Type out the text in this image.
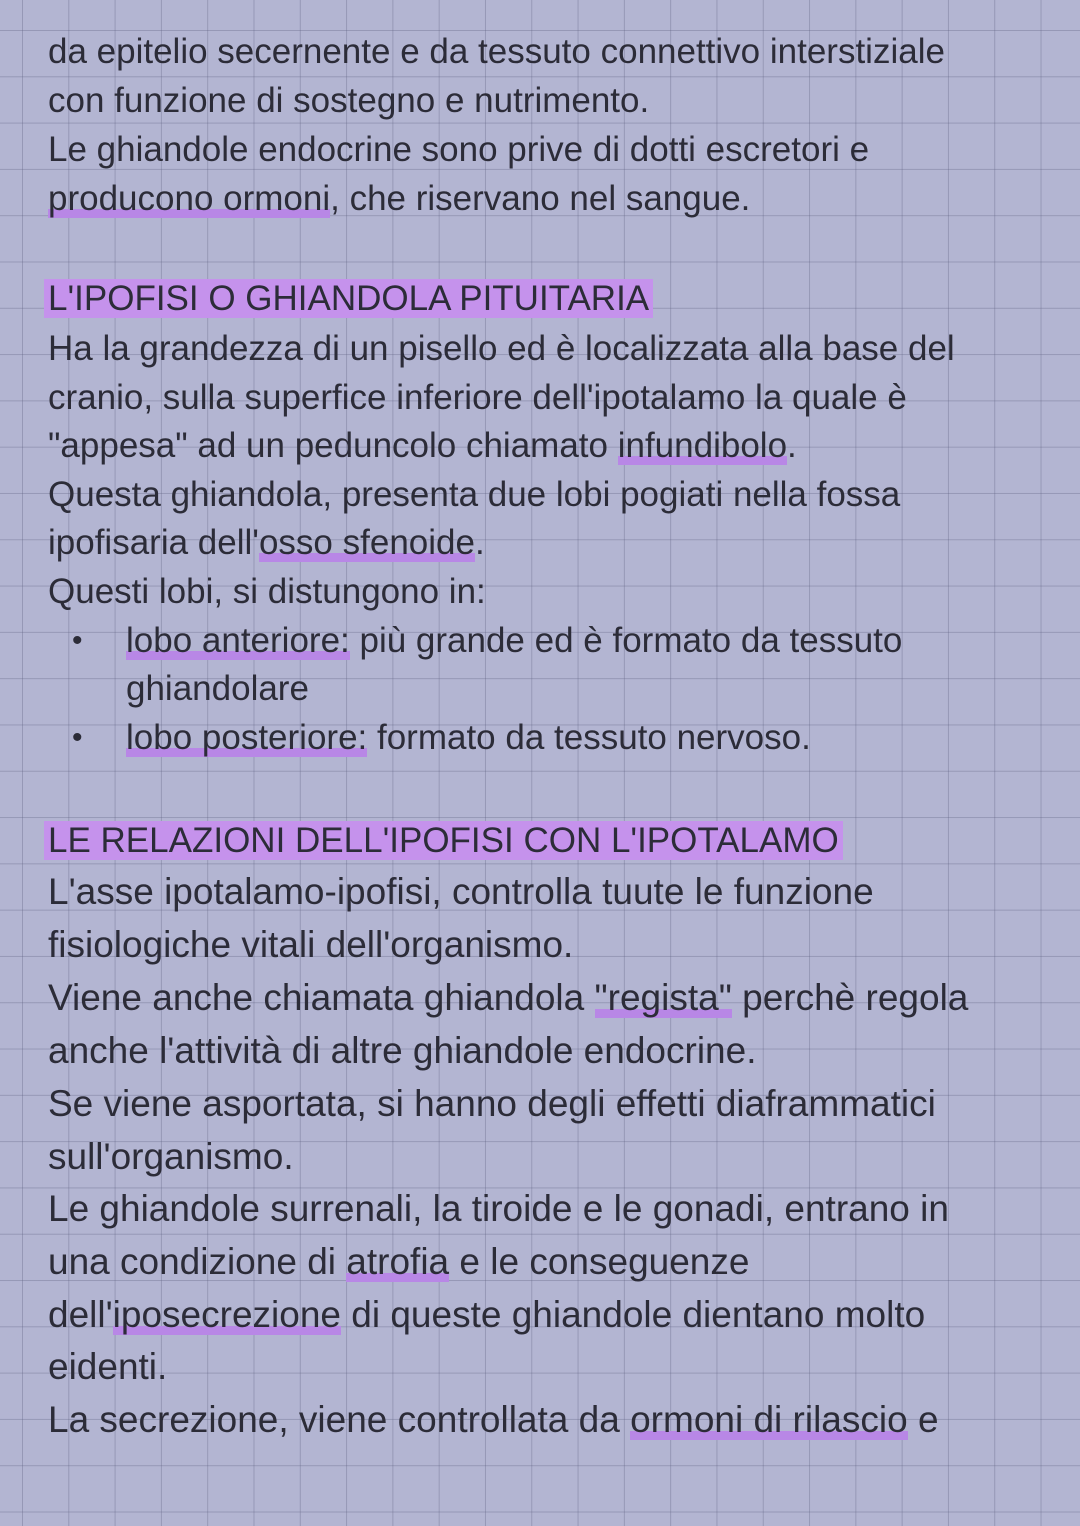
da epitelio secernente e da tessuto connettivo interstiziale
con funzione di sostegno e nutrimento.
Le ghiandole endocrine sono prive di dotti escretori e
producono ormoni, che riservano nel sangue.
L'IPOFISI O GHIANDOLA PITUITARIA
Ha la grandezza di un pisello ed è localizzata alla base del
cranio, sulla superfice inferiore dell'ipotalamo la quale è
"appesa" ad un peduncolo chiamato infundibolo.
Questa ghiandola, presenta due lobi pogiati nella fossa
ipofisaria dell'osso sfenoide.
Questi lobi, si distungono in:
• lobo anteriore: più grande ed è formato da tessuto
ghiandolare
• lobo posteriore: formato da tessuto nervoso.
LE RELAZIONI DELL'IPOFISI CON L'IPOTALAMO
L'asse ipotalamo-ipofisi, controlla tuute le funzione
fisiologiche vitali dell'organismo.
Viene anche chiamata ghiandola "regista" perchè regola
anche l'attività di altre ghiandole endocrine.
Se viene asportata, si hanno degli effetti diaframmatici
sull'organismo.
Le ghiandole surrenali, la tiroide e le gonadi, entrano in
una condizione di atrofia e le conseguenze
dell'iposecrezione di queste ghiandole dientano molto
eidenti.
La secrezione, viene controllata da ormoni di rilascio e
